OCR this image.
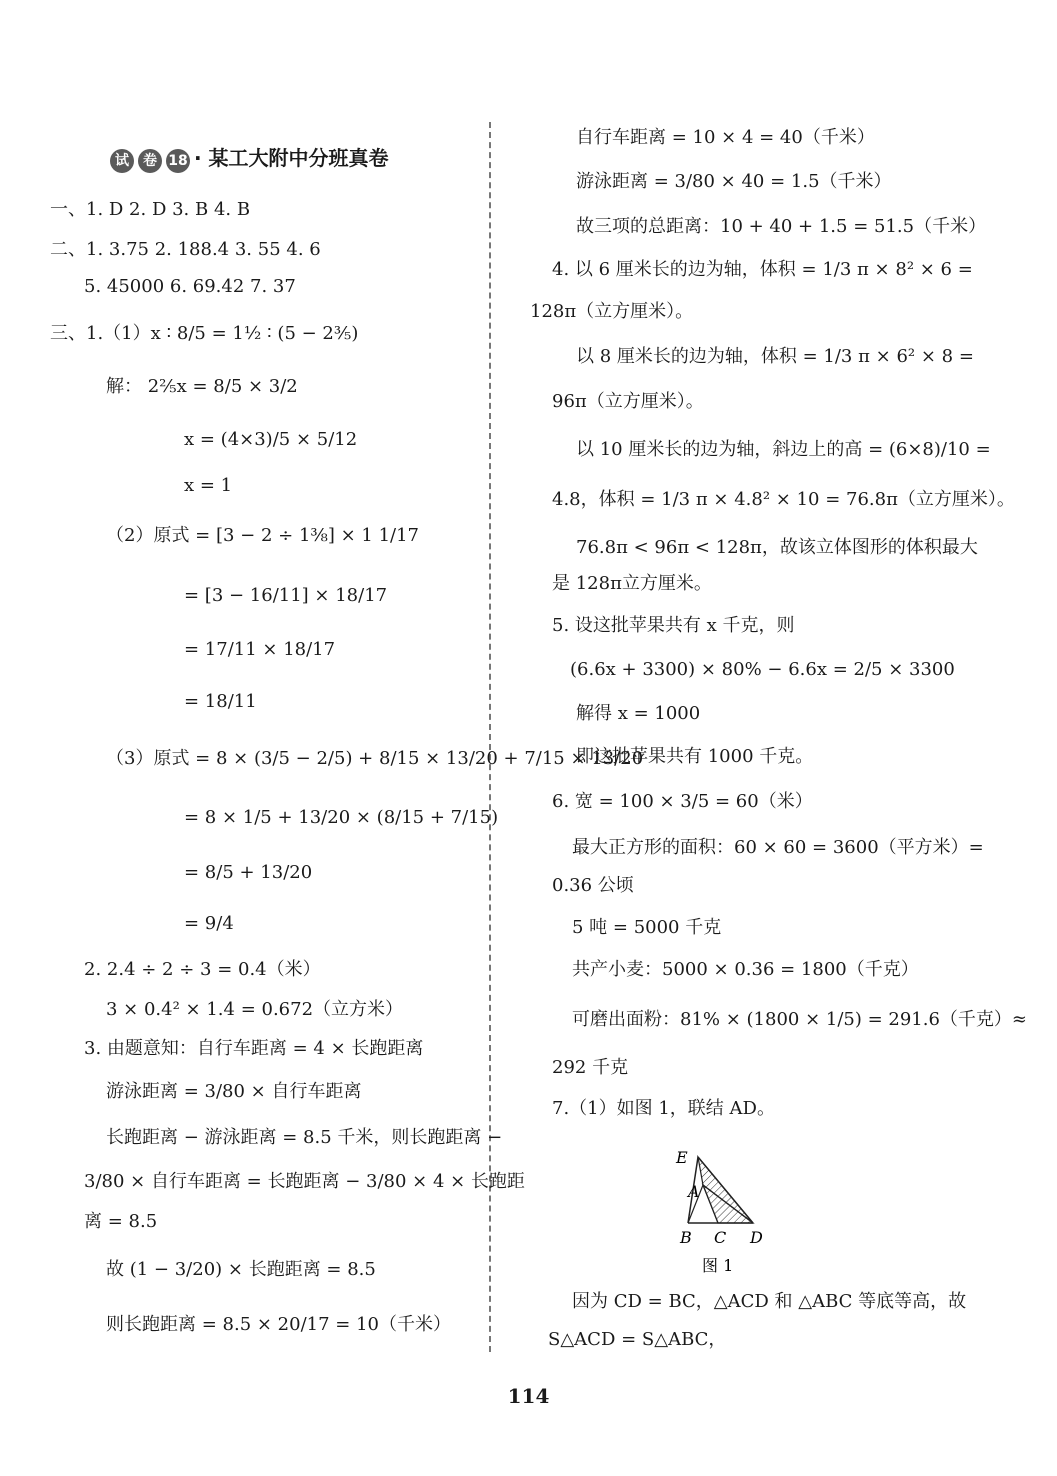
试 卷 18 · 某工大附中分班真卷
一、1. D 2. D 3. B 4. B
二、1. 3.75 2. 188.4 3. 55 4. 6
5. 45000 6. 69.42 7. 37
三、1.（1）x ∶ 8/5 = 1½ ∶ (5 − 2⅗)
解： 2⅖x = 8/5 × 3/2
x = (4×3)/5 × 5/12
x = 1
（2）原式 = [3 − 2 ÷ 1⅜] × 1 1/17
= [3 − 16/11] × 18/17
= 17/11 × 18/17
= 18/11
（3）原式 = 8 × (3/5 − 2/5) + 8/15 × 13/20 + 7/15 × 13/20
= 8 × 1/5 + 13/20 × (8/15 + 7/15)
= 8/5 + 13/20
= 9/4
2. 2.4 ÷ 2 ÷ 3 = 0.4（米）
3 × 0.4² × 1.4 = 0.672（立方米）
3. 由题意知：自行车距离 = 4 × 长跑距离
游泳距离 = 3/80 × 自行车距离
长跑距离 − 游泳距离 = 8.5 千米，则长跑距离 −
3/80 × 自行车距离 = 长跑距离 − 3/80 × 4 × 长跑距
离 = 8.5
故 (1 − 3/20) × 长跑距离 = 8.5
则长跑距离 = 8.5 × 20/17 = 10（千米）
自行车距离 = 10 × 4 = 40（千米）
游泳距离 = 3/80 × 40 = 1.5（千米）
故三项的总距离：10 + 40 + 1.5 = 51.5（千米）
4. 以 6 厘米长的边为轴，体积 = 1/3 π × 8² × 6 =
128π（立方厘米）。
以 8 厘米长的边为轴，体积 = 1/3 π × 6² × 8 =
96π（立方厘米）。
以 10 厘米长的边为轴，斜边上的高 = (6×8)/10 =
4.8，体积 = 1/3 π × 4.8² × 10 = 76.8π（立方厘米）。
76.8π < 96π < 128π，故该立体图形的体积最大
是 128π立方厘米。
5. 设这批苹果共有 x 千克，则
(6.6x + 3300) × 80% − 6.6x = 2/5 × 3300
解得 x = 1000
即这批苹果共有 1000 千克。
6. 宽 = 100 × 3/5 = 60（米）
最大正方形的面积：60 × 60 = 3600（平方米）=
0.36 公顷
5 吨 = 5000 千克
共产小麦：5000 × 0.36 = 1800（千克）
可磨出面粉：81% × (1800 × 1/5) = 291.6（千克）≈
292 千克
7.（1）如图 1，联结 AD。
因为 CD = BC，△ACD 和 △ABC 等底等高，故
S△ACD = S△ABC，
E
A
B C D
图 1
114
